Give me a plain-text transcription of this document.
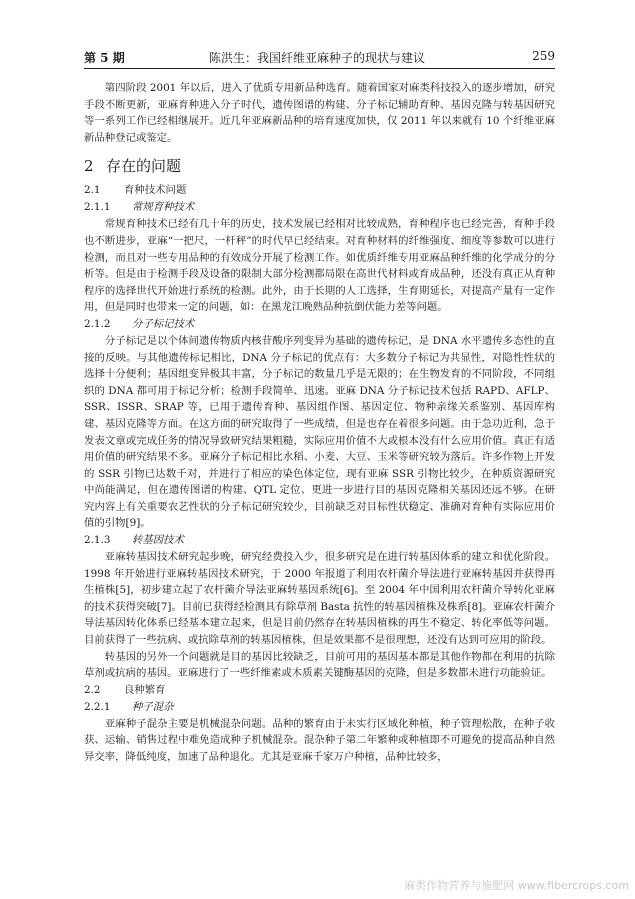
第 5 期	陈洪生：我国纤维亚麻种子的现状与建议	259

第四阶段 2001 年以后，进入了优质专用新品种选育。随着国家对麻类科技投入的逐步增加，研究手段不断更新，亚麻育种进入分子时代，遗传图谱的构建、分子标记辅助育种、基因克隆与转基因研究等一系列工作已经相继展开。近几年亚麻新品种的培育速度加快，仅 2011 年以来就有 10 个纤维亚麻新品种登记或鉴定。

2 存在的问题
2.1 育种技术问题
2.1.1 常规育种技术

常规育种技术已经有几十年的历史，技术发展已经相对比较成熟，育种程序也已经完善，育种手段也不断进步，亚麻“一把尺，一杆秤”的时代早已经结束。对育种材料的纤维强度、细度等参数可以进行检测，而且对一些专用品种的有效成分开展了检测工作。如优质纤维专用亚麻品种纤维的化学成分的分析等。但是由于检测手段及设备的限制大部分检测都局限在高世代材料或育成品种，还没有真正从育种程序的选择世代开始进行系统的检测。此外，由于长期的人工选择，生育期延长，对提高产量有一定作用，但是同时也带来一定的问题，如：在黑龙江晚熟品种抗倒伏能力差等问题。

2.1.2 分子标记技术

分子标记是以个体间遗传物质内核苷酸序列变异为基础的遗传标记，是 DNA 水平遗传多态性的直接的反映。与其他遗传标记相比，DNA 分子标记的优点有：大多数分子标记为共显性，对隐性性状的选择十分便利；基因组变异极其丰富，分子标记的数量几乎是无限的；在生物发育的不同阶段，不同组织的 DNA 都可用于标记分析；检测手段简单、迅速。亚麻 DNA 分子标记技术包括 RAPD、AFLP、SSR、ISSR、SRAP 等，已用于遗传育种、基因组作图、基因定位、物种亲缘关系鉴别、基因库构建、基因克隆等方面。在这方面的研究取得了一些成绩，但是也存在着很多问题。由于急功近利，急于发表文章或完成任务的情况导致研究结果粗糙，实际应用价值不大或根本没有什么应用价值。真正有适用价值的研究结果不多。亚麻分子标记相比水稻、小麦、大豆、玉米等研究较为落后。许多作物上开发的 SSR 引物已达数千对，并进行了相应的染色体定位，现有亚麻 SSR 引物比较少，在种质资源研究中尚能满足，但在遗传图谱的构建、QTL 定位、更进一步进行目的基因克隆相关基因还远不够。在研究内容上有关重要农艺性状的分子标记研究较少，目前缺乏对目标性状稳定、准确对育种有实际应用价值的引物[9]。

2.1.3 转基因技术

亚麻转基因技术研究起步晚，研究经费投入少，很多研究是在进行转基因体系的建立和优化阶段。1998 年开始进行亚麻转基因技术研究，于 2000 年报道了利用农杆菌介导法进行亚麻转基因并获得再生植株[5]，初步建立起了农杆菌介导法亚麻转基因系统[6]。至 2004 年中国利用农杆菌介导转化亚麻的技术获得突破[7]。目前已获得经检测具有除草剂 Basta 抗性的转基因植株及株系[8]。亚麻农杆菌介导法基因转化体系已经基本建立起来，但是目前仍然存在转基因植株的再生不稳定、转化率低等问题。目前获得了一些抗病、或抗除草剂的转基因植株，但是效果都不是很理想，还没有达到可应用的阶段。

转基因的另外一个问题就是目的基因比较缺乏，目前可用的基因基本都是其他作物都在利用的抗除草剂或抗病的基因。亚麻进行了一些纤维素或木质素关键酶基因的克隆，但是多数都未进行功能验证。

2.2 良种繁育
2.2.1 种子混杂

亚麻种子混杂主要是机械混杂问题。品种的繁育由于未实行区域化种植，种子管理松散，在种子收获、运输、销售过程中难免造成种子机械混杂。混杂种子第二年繁种或种植即不可避免的提高品种自然异交率，降低纯度，加速了品种退化。尤其是亚麻千家万户种植，品种比较多，

麻类作物营养与施肥网 www.fibercrops.com
